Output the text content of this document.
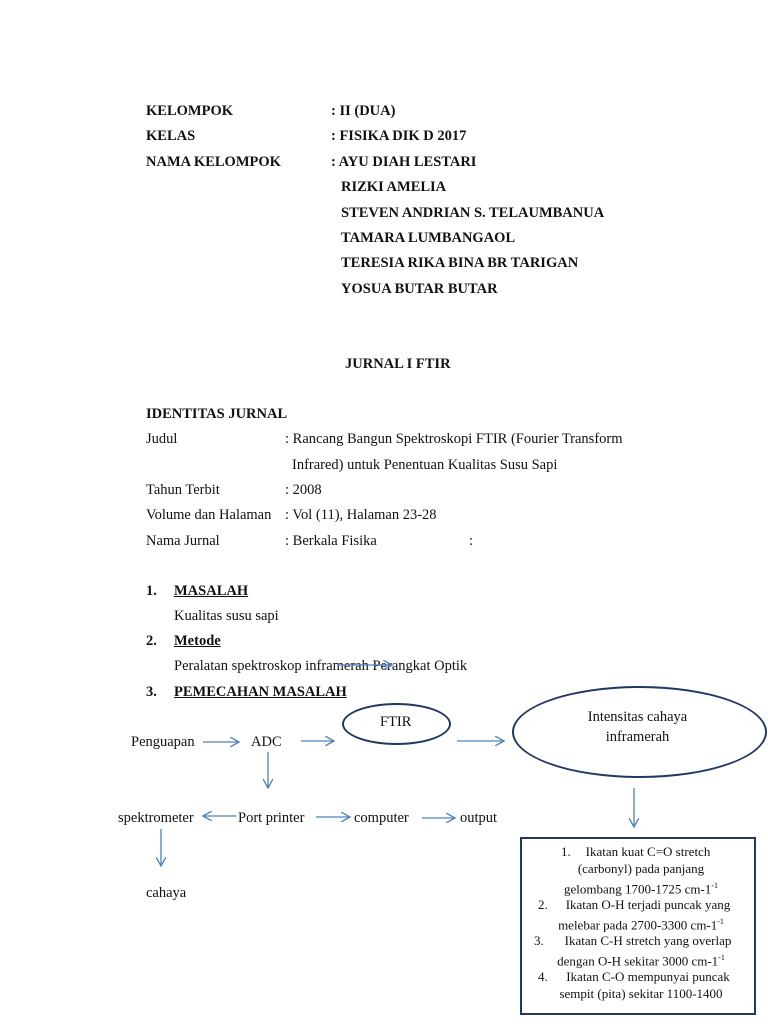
KELOMPOK	: II (DUA)
KELAS	: FISIKA DIK D 2017
NAMA KELOMPOK	: AYU DIAH LESTARI
RIZKI AMELIA
STEVEN ANDRIAN S. TELAUMBANUA
TAMARA LUMBANGAOL
TERESIA RIKA BINA BR TARIGAN
YOSUA BUTAR BUTAR
JURNAL I FTIR
IDENTITAS JURNAL
Judul	: Rancang Bangun Spektroskopi FTIR (Fourier Transform
Infrared) untuk Penentuan Kualitas Susu Sapi
Tahun Terbit	: 2008
Volume dan Halaman : Vol (11), Halaman 23-28
Nama Jurnal	: Berkala Fisika	:
1. MASALAH
Kualitas susu sapi
2. Metode
Peralatan spektroskop inframerah Perangkat Optik
3. PEMECAHAN MASALAH
FTIR	Intensitas cahaya
inframerah
Penguapan	ADC
spektrometer	Port printer	computer	output
cahaya
1.	Ikatan kuat C=O stretch
(carbonyl) pada panjang
gelombang 1700-1725 $cm-1^{-1}$
2.	Ikatan O-H terjadi puncak yang
melebar pada 2700-3300 $cm-1^{-1}$
3.	Ikatan C-H stretch yang overlap
dengan O-H sekitar 3000 $cm-1^{-1}$
4.	Ikatan C-O mempunyai puncak
sempit (pita) sekitar 1100-1400
